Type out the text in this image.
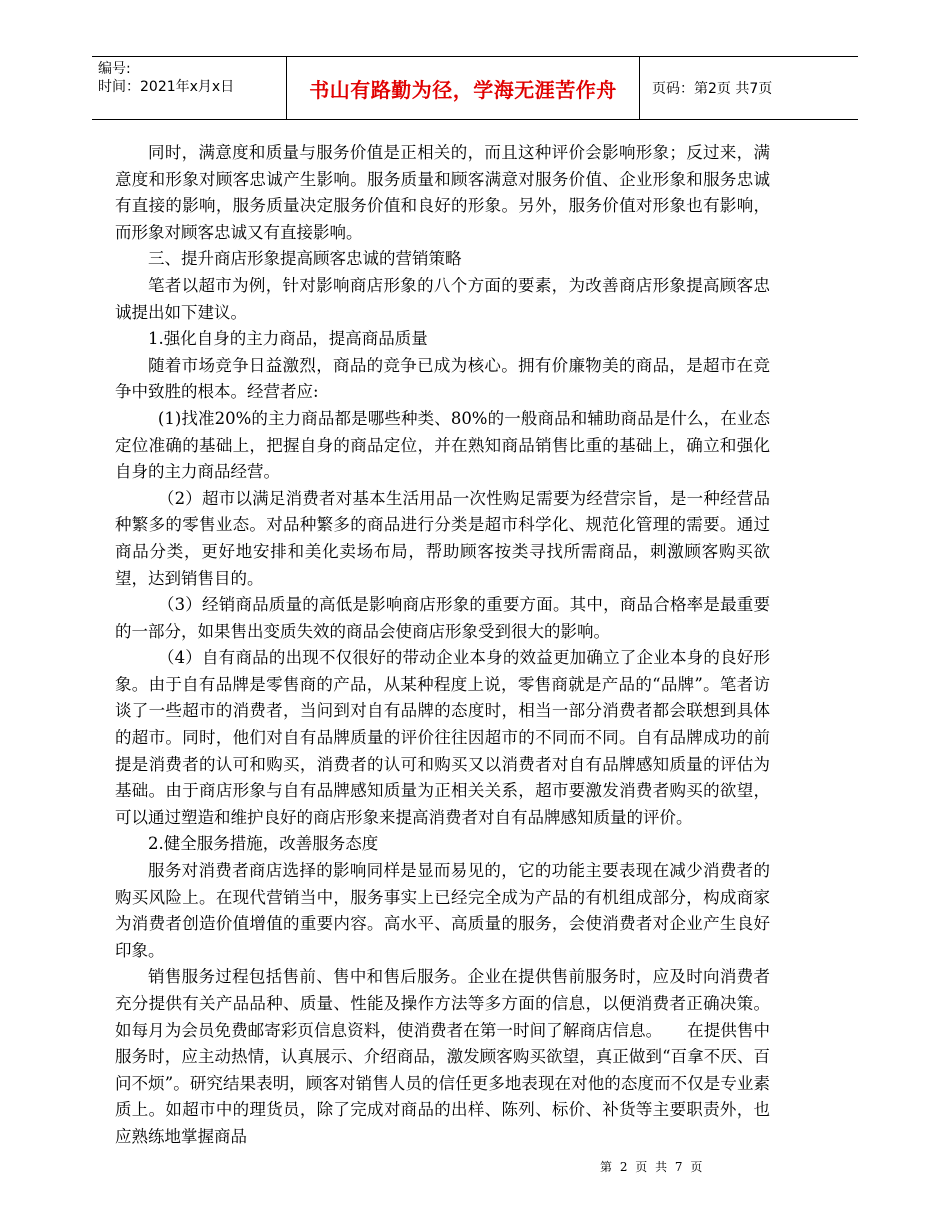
编号:
时间：2021年x月x日	书山有路勤为径，学海无涯苦作舟	页码：第2页 共7页

同时，满意度和质量与服务价值是正相关的，而且这种评价会影响形象；反过来，满意度和形象对顾客忠诚产生影响。服务质量和顾客满意对服务价值、企业形象和服务忠诚有直接的影响，服务质量决定服务价值和良好的形象。另外，服务价值对形象也有影响，而形象对顾客忠诚又有直接影响。

三、提升商店形象提高顾客忠诚的营销策略

笔者以超市为例，针对影响商店形象的八个方面的要素，为改善商店形象提高顾客忠诚提出如下建议。

1.强化自身的主力商品，提高商品质量

随着市场竞争日益激烈，商品的竞争已成为核心。拥有价廉物美的商品，是超市在竞争中致胜的根本。经营者应:

(1)找准20%的主力商品都是哪些种类、80%的一般商品和辅助商品是什么，在业态定位准确的基础上，把握自身的商品定位，并在熟知商品销售比重的基础上，确立和强化自身的主力商品经营。

（2）超市以满足消费者对基本生活用品一次性购足需要为经营宗旨，是一种经营品种繁多的零售业态。对品种繁多的商品进行分类是超市科学化、规范化管理的需要。通过商品分类，更好地安排和美化卖场布局，帮助顾客按类寻找所需商品，刺激顾客购买欲望，达到销售目的。

（3）经销商品质量的高低是影响商店形象的重要方面。其中，商品合格率是最重要的一部分，如果售出变质失效的商品会使商店形象受到很大的影响。

（4）自有商品的出现不仅很好的带动企业本身的效益更加确立了企业本身的良好形象。由于自有品牌是零售商的产品，从某种程度上说，零售商就是产品的“品牌”。笔者访谈了一些超市的消费者，当问到对自有品牌的态度时，相当一部分消费者都会联想到具体的超市。同时，他们对自有品牌质量的评价往往因超市的不同而不同。自有品牌成功的前提是消费者的认可和购买，消费者的认可和购买又以消费者对自有品牌感知质量的评估为基础。由于商店形象与自有品牌感知质量为正相关关系，超市要激发消费者购买的欲望，可以通过塑造和维护良好的商店形象来提高消费者对自有品牌感知质量的评价。

2.健全服务措施，改善服务态度

服务对消费者商店选择的影响同样是显而易见的，它的功能主要表现在减少消费者的购买风险上。在现代营销当中，服务事实上已经完全成为产品的有机组成部分，构成商家为消费者创造价值增值的重要内容。高水平、高质量的服务，会使消费者对企业产生良好印象。

销售服务过程包括售前、售中和售后服务。企业在提供售前服务时，应及时向消费者充分提供有关产品品种、质量、性能及操作方法等多方面的信息，以便消费者正确决策。如每月为会员免费邮寄彩页信息资料，使消费者在第一时间了解商店信息。　　在提供售中服务时，应主动热情，认真展示、介绍商品，激发顾客购买欲望，真正做到“百拿不厌、百问不烦”。研究结果表明，顾客对销售人员的信任更多地表现在对他的态度而不仅是专业素质上。如超市中的理货员，除了完成对商品的出样、陈列、标价、补货等主要职责外，也应熟练地掌握商品

第 2 页 共 7 页
